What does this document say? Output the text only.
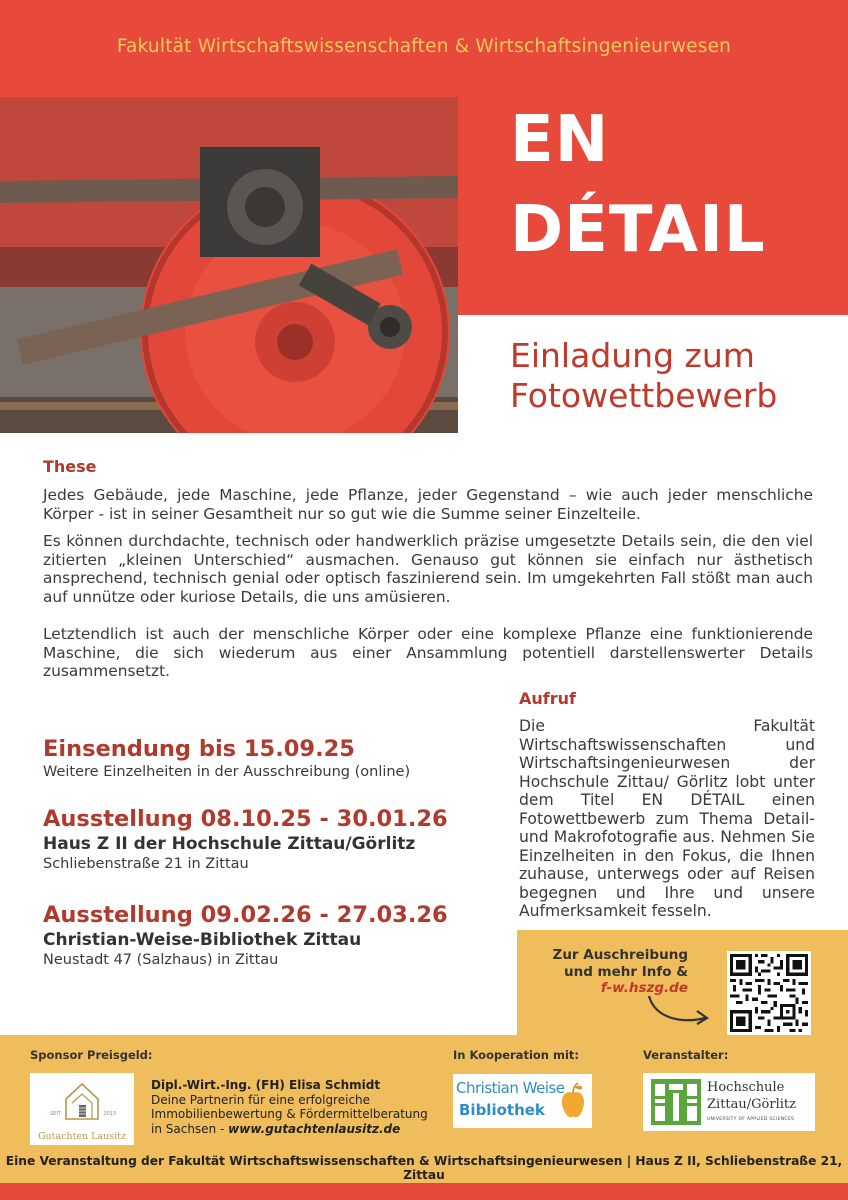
Fakultät Wirtschaftswissenschaften & Wirtschaftsingenieurwesen
EN
DÉTAIL
Einladung zum
Fotowettbewerb
These

Jedes Gebäude, jede Maschine, jede Pflanze, jeder Gegenstand – wie auch jeder menschliche Körper - ist in seiner Gesamtheit nur so gut wie die Summe seiner Einzelteile.

Es können durchdachte, technisch oder handwerklich präzise umgesetzte Details sein, die den viel zitierten „kleinen Unterschied“ ausmachen. Genauso gut können sie einfach nur ästhetisch ansprechend, technisch genial oder optisch faszinierend sein. Im umgekehrten Fall stößt man auch auf unnütze oder kuriose Details, die uns amüsieren.

Letztendlich ist auch der menschliche Körper oder eine komplexe Pflanze eine funktionierende Maschine, die sich wiederum aus einer Ansammlung potentiell darstellenswerter Details zusammensetzt.

Aufruf

Die Fakultät Wirtschaftswissenschaften und Wirtschaftsingenieurwesen der Hochschule Zittau/ Görlitz lobt unter dem Titel EN DÉTAIL einen Fotowettbewerb zum Thema Detail- und Makrofotografie aus. Nehmen Sie Einzelheiten in den Fokus, die Ihnen zuhause, unterwegs oder auf Reisen begegnen und Ihre und unsere Aufmerksamkeit fesseln.

Einsendung bis 15.09.25
Weitere Einzelheiten in der Ausschreibung (online)
Ausstellung 08.10.25 - 30.01.26
Haus Z II der Hochschule Zittau/Görlitz
Schliebenstraße 21 in Zittau
Ausstellung 09.02.26 - 27.03.26
Christian-Weise-Bibliothek Zittau
Neustadt 47 (Salzhaus) in Zittau	Zur Auschreibung
und mehr Info &
f-w.hszg.de
Sponsor Preisgeld:	In Kooperation mit:	Veranstalter:
SEIT	2013
Gutachten Lausitz
Dipl.-Wirt.-Ing. (FH) Elisa Schmidt
Deine Partnerin für eine erfolgreiche
Immobilienbewertung & Fördermittelberatung
in Sachsen - www.gutachtenlausitz.de
Christian Weise
Bibliothek
Hochschule
Zittau/Görlitz
UNIVERSITY OF APPLIED SCIENCES
Eine Veranstaltung der Fakultät Wirtschaftswissenschaften & Wirtschaftsingenieurwesen | Haus Z II, Schliebenstraße 21, Zittau
